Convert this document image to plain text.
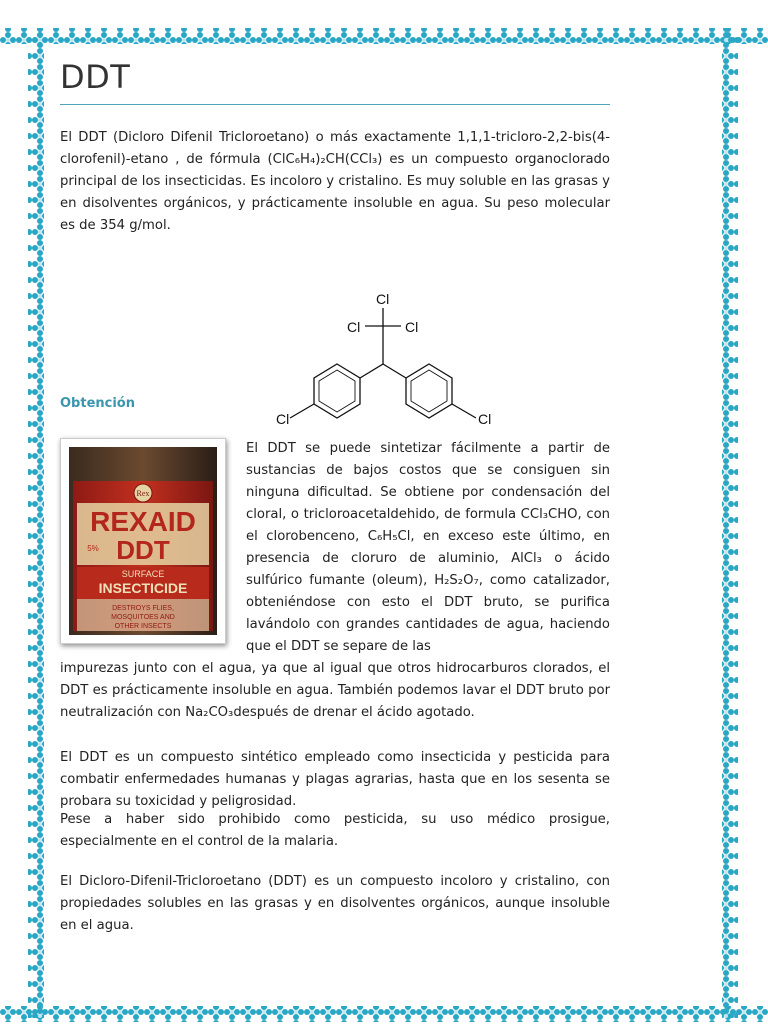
DDT

El DDT (Dicloro Difenil Tricloroetano) o más exactamente 1,1,1-tricloro-2,2-bis(4-clorofenil)-etano , de fórmula (ClC₆H₄)₂CH(CCl₃) es un compuesto organoclorado principal de los insecticidas. Es incoloro y cristalino. Es muy soluble en las grasas y en disolventes orgánicos, y prácticamente insoluble en agua. Su peso molecular es de 354 g/mol.

Cl
Cl	Cl
Cl	Cl
Obtención
Rex
REXAID
DDT
5%
SURFACE
INSECTICIDE
DESTROYS FLIES,
MOSQUITOES AND
OTHER INSECTS

El DDT se puede sintetizar fácilmente a partir de sustancias de bajos costos que se consiguen sin ninguna dificultad. Se obtiene por condensación del cloral, o tricloroacetaldehido, de formula CCl₃CHO, con el clorobenceno, C₆H₅Cl, en exceso este último, en presencia de cloruro de aluminio, AlCl₃ o ácido sulfúrico fumante (oleum), H₂S₂O₇, como catalizador, obteniéndose con esto el DDT bruto, se purifica lavándolo con grandes cantidades de agua, haciendo que el DDT se separe de las

impurezas junto con el agua, ya que al igual que otros hidrocarburos clorados, el DDT es prácticamente insoluble en agua. También podemos lavar el DDT bruto por neutralización con Na₂CO₃después de drenar el ácido agotado.

El DDT es un compuesto sintético empleado como insecticida y pesticida para combatir enfermedades humanas y plagas agrarias, hasta que en los sesenta se probara su toxicidad y peligrosidad.

Pese a haber sido prohibido como pesticida, su uso médico prosigue, especialmente en el control de la malaria.

El Dicloro-Difenil-Tricloroetano (DDT) es un compuesto incoloro y cristalino, con propiedades solubles en las grasas y en disolventes orgánicos, aunque insoluble en el agua.
